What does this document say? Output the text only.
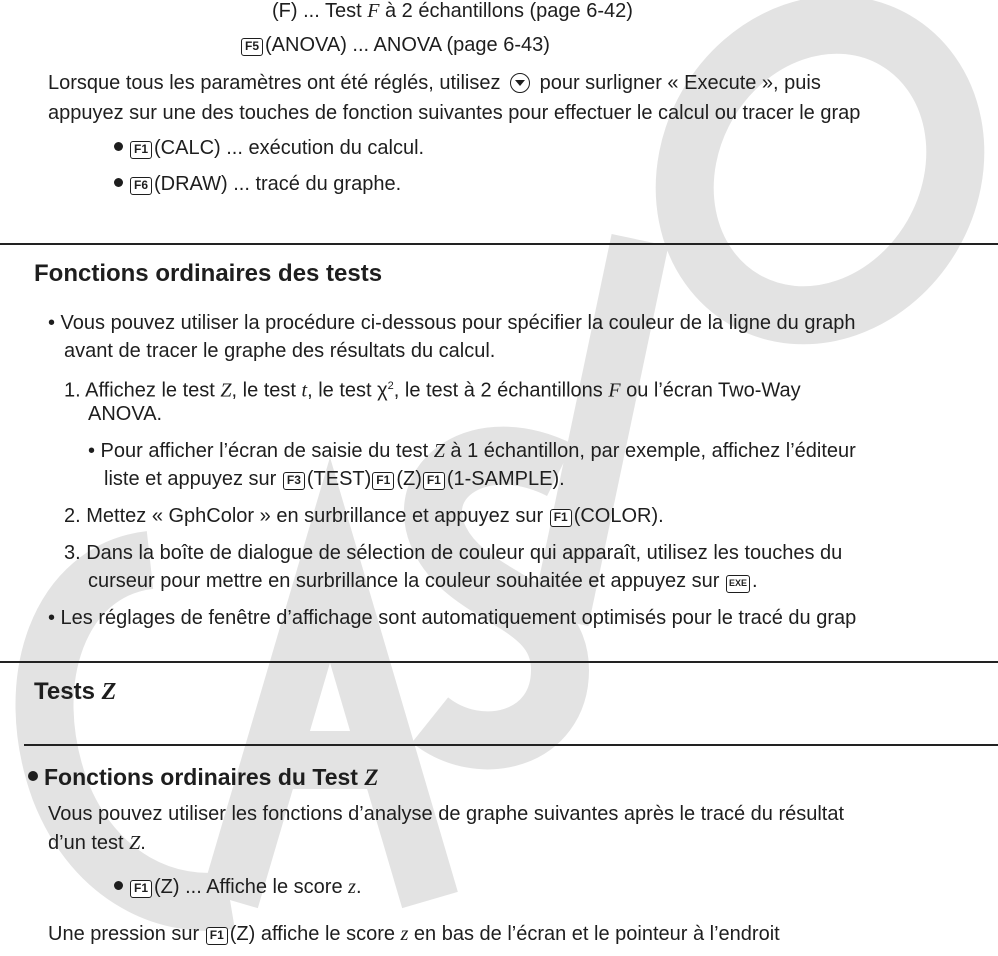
(F) ... Test F à 2 échantillons (page 6-42)
F5 (ANOVA) ... ANOVA (page 6-43)
Lorsque tous les paramètres ont été réglés, utilisez  pour surligner « Execute », puis
appuyez sur une des touches de fonction suivantes pour effectuer le calcul ou tracer le grap
F1 (CALC) ... exécution du calcul.
F6 (DRAW) ... tracé du graphe.
Fonctions ordinaires des tests
• Vous pouvez utiliser la procédure ci-dessous pour spécifier la couleur de la ligne du graph
avant de tracer le graphe des résultats du calcul.
1. Affichez le test Z, le test t, le test $\chi^2$, le test à 2 échantillons F ou l’écran Two-Way
ANOVA.
• Pour afficher l’écran de saisie du test Z à 1 échantillon, par exemple, affichez l’éditeur
liste et appuyez sur F3 (TEST) F1 (Z) F1 (1-SAMPLE).
2. Mettez « GphColor » en surbrillance et appuyez sur F1 (COLOR).
3. Dans la boîte de dialogue de sélection de couleur qui apparaît, utilisez les touches du
curseur pour mettre en surbrillance la couleur souhaitée et appuyez sur EXE .
• Les réglages de fenêtre d’affichage sont automatiquement optimisés pour le tracé du grap
Tests Z
Fonctions ordinaires du Test Z
Vous pouvez utiliser les fonctions d’analyse de graphe suivantes après le tracé du résultat
d’un test Z.
F1 (Z) ... Affiche le score z.
Une pression sur F1 (Z) affiche le score z en bas de l’écran et le pointeur à l’endroit
